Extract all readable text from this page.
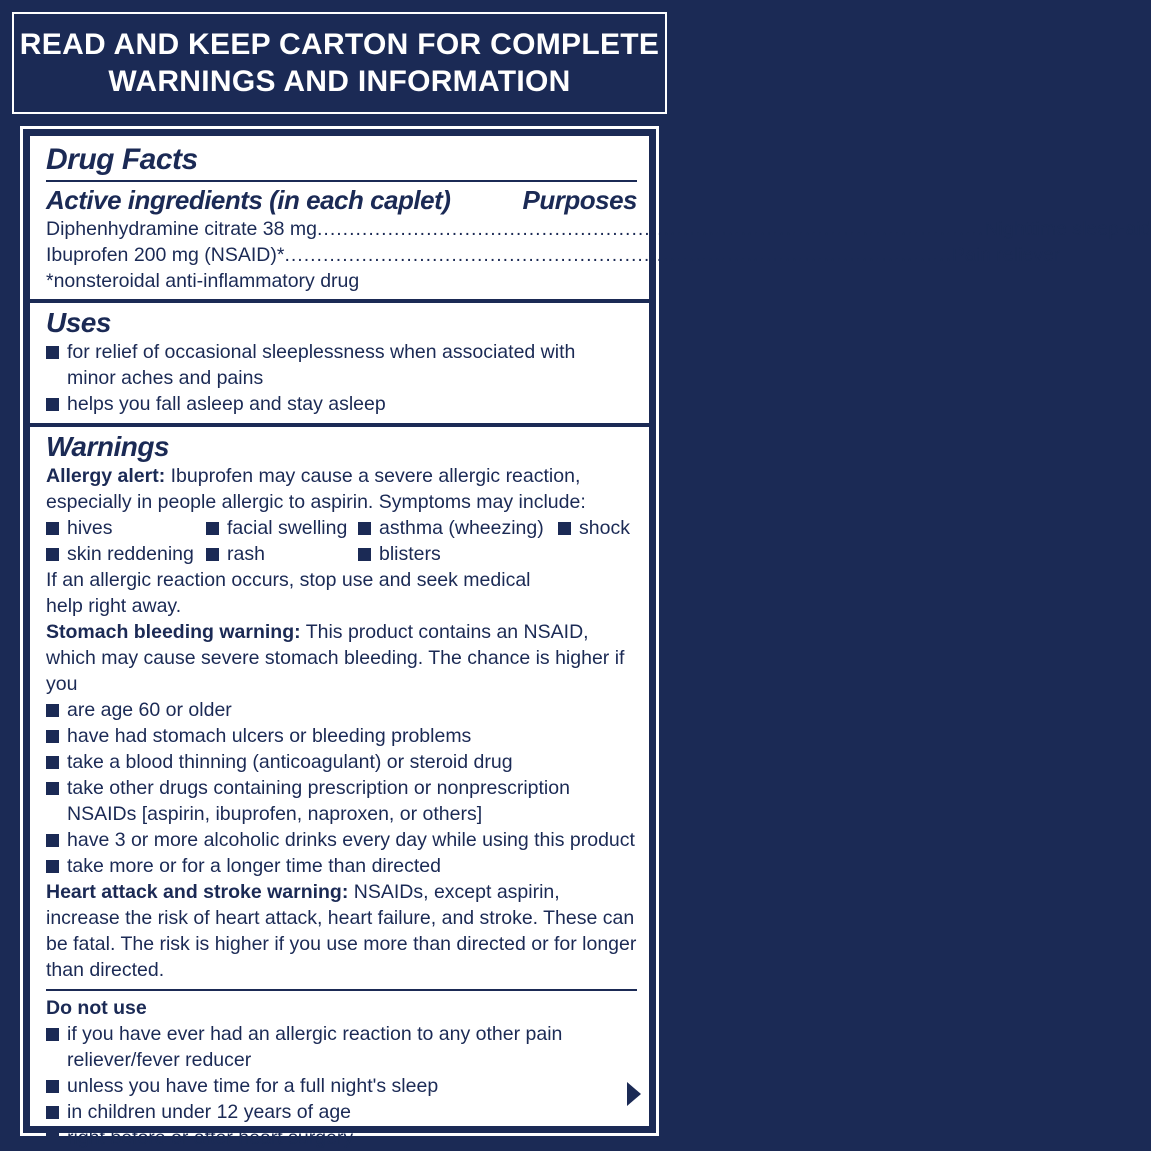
READ AND KEEP CARTON FOR COMPLETE
WARNINGS AND INFORMATION
Drug Facts
Active ingredients (in each caplet)	Purposes
Diphenhydramine citrate 38 mg .....	Nighttime sleep-aid
Ibuprofen 200 mg (NSAID)* .....	Pain reliever
*nonsteroidal anti-inflammatory drug
Uses
for relief of occasional sleeplessness when associated with minor aches and pains
helps you fall asleep and stay asleep
Warnings
Allergy alert: Ibuprofen may cause a severe allergic reaction, especially in people allergic to aspirin. Symptoms may include:
hives	facial swelling asthma (wheezing) shock
skin reddening rash	blisters
If an allergic reaction occurs, stop use and seek medical help right away.
Stomach bleeding warning: This product contains an NSAID, which may cause severe stomach bleeding. The chance is higher if you
are age 60 or older
have had stomach ulcers or bleeding problems
take a blood thinning (anticoagulant) or steroid drug
take other drugs containing prescription or nonprescription NSAIDs [aspirin, ibuprofen, naproxen, or others]
have 3 or more alcoholic drinks every day while using this product
take more or for a longer time than directed
Heart attack and stroke warning: NSAIDs, except aspirin, increase the risk of heart attack, heart failure, and stroke. These can be fatal. The risk is higher if you use more than directed or for longer than directed.
Do not use
if you have ever had an allergic reaction to any other pain reliever/fever reducer
unless you have time for a full night's sleep
in children under 12 years of age
right before or after heart surgery
